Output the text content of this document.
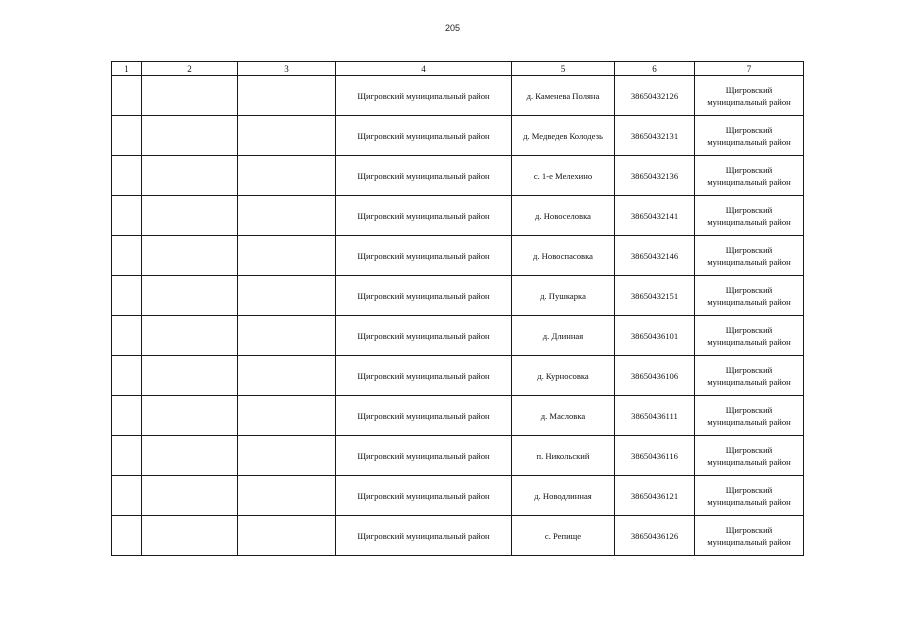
205
1	2	3	4	5	6	7
			Щигровский муниципальный район	д. Каменева Поляна	38650432126	Щигровский
муниципальный район

			Щигровский муниципальный район	д. Медведев Колодезь	38650432131	Щигровский
муниципальный район

			Щигровский муниципальный район	с. 1-е Мелехино	38650432136	Щигровский
муниципальный район

			Щигровский муниципальный район	д. Новоселовка	38650432141	Щигровский
муниципальный район

			Щигровский муниципальный район	д. Новоспасовка	38650432146	Щигровский
муниципальный район

			Щигровский муниципальный район	д. Пушкарка	38650432151	Щигровский
муниципальный район

			Щигровский муниципальный район	д. Длинная	38650436101	Щигровский
муниципальный район

			Щигровский муниципальный район	д. Курносовка	38650436106	Щигровский
муниципальный район

			Щигровский муниципальный район	д. Масловка	38650436111	Щигровский
муниципальный район

			Щигровский муниципальный район	п. Никольский	38650436116	Щигровский
муниципальный район

			Щигровский муниципальный район	д. Новодлинная	38650436121	Щигровский
муниципальный район

			Щигровский муниципальный район	с. Репище	38650436126	Щигровский
муниципальный район
